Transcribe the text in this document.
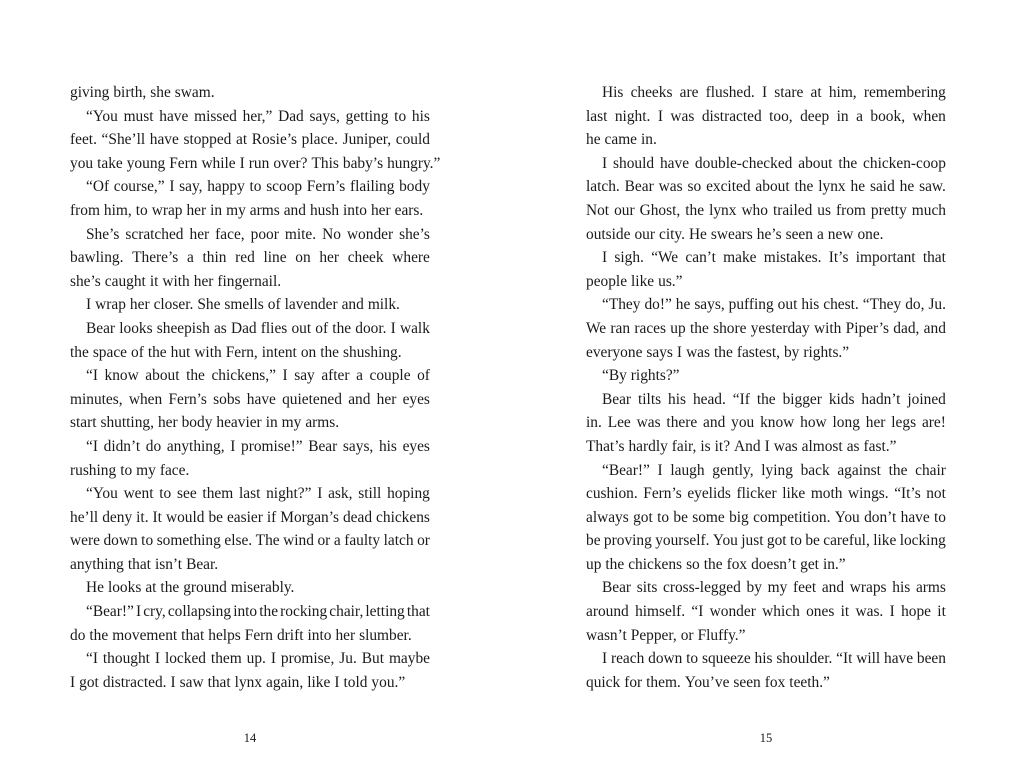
giving birth, she swam.
“You must have missed her,” Dad says, getting to his
feet. “She’ll have stopped at Rosie’s place. Juniper, could
you take young Fern while I run over? This baby’s hungry.”
“Of course,” I say, happy to scoop Fern’s flailing body
from him, to wrap her in my arms and hush into her ears.
She’s scratched her face, poor mite. No wonder she’s
bawling. There’s a thin red line on her cheek where
she’s caught it with her fingernail.
I wrap her closer. She smells of lavender and milk.
Bear looks sheepish as Dad flies out of the door. I walk
the space of the hut with Fern, intent on the shushing.
“I know about the chickens,” I say after a couple of
minutes, when Fern’s sobs have quietened and her eyes
start shutting, her body heavier in my arms.
“I didn’t do anything, I promise!” Bear says, his eyes
rushing to my face.
“You went to see them last night?” I ask, still hoping
he’ll deny it. It would be easier if Morgan’s dead chickens
were down to something else. The wind or a faulty latch or
anything that isn’t Bear.
He looks at the ground miserably.
“Bear!” I cry, collapsing into the rocking chair, letting that
do the movement that helps Fern drift into her slumber.
“I thought I locked them up. I promise, Ju. But maybe
I got distracted. I saw that lynx again, like I told you.”
His cheeks are flushed. I stare at him, remembering
last night. I was distracted too, deep in a book, when
he came in.
I should have double-checked about the chicken-coop
latch. Bear was so excited about the lynx he said he saw.
Not our Ghost, the lynx who trailed us from pretty much
outside our city. He swears he’s seen a new one.
I sigh. “We can’t make mistakes. It’s important that
people like us.”
“They do!” he says, puffing out his chest. “They do, Ju.
We ran races up the shore yesterday with Piper’s dad, and
everyone says I was the fastest, by rights.”
“By rights?”
Bear tilts his head. “If the bigger kids hadn’t joined
in. Lee was there and you know how long her legs are!
That’s hardly fair, is it? And I was almost as fast.”
“Bear!” I laugh gently, lying back against the chair
cushion. Fern’s eyelids flicker like moth wings. “It’s not
always got to be some big competition. You don’t have to
be proving yourself. You just got to be careful, like locking
up the chickens so the fox doesn’t get in.”
Bear sits cross-legged by my feet and wraps his arms
around himself. “I wonder which ones it was. I hope it
wasn’t Pepper, or Fluffy.”
I reach down to squeeze his shoulder. “It will have been
quick for them. You’ve seen fox teeth.”
14	15
